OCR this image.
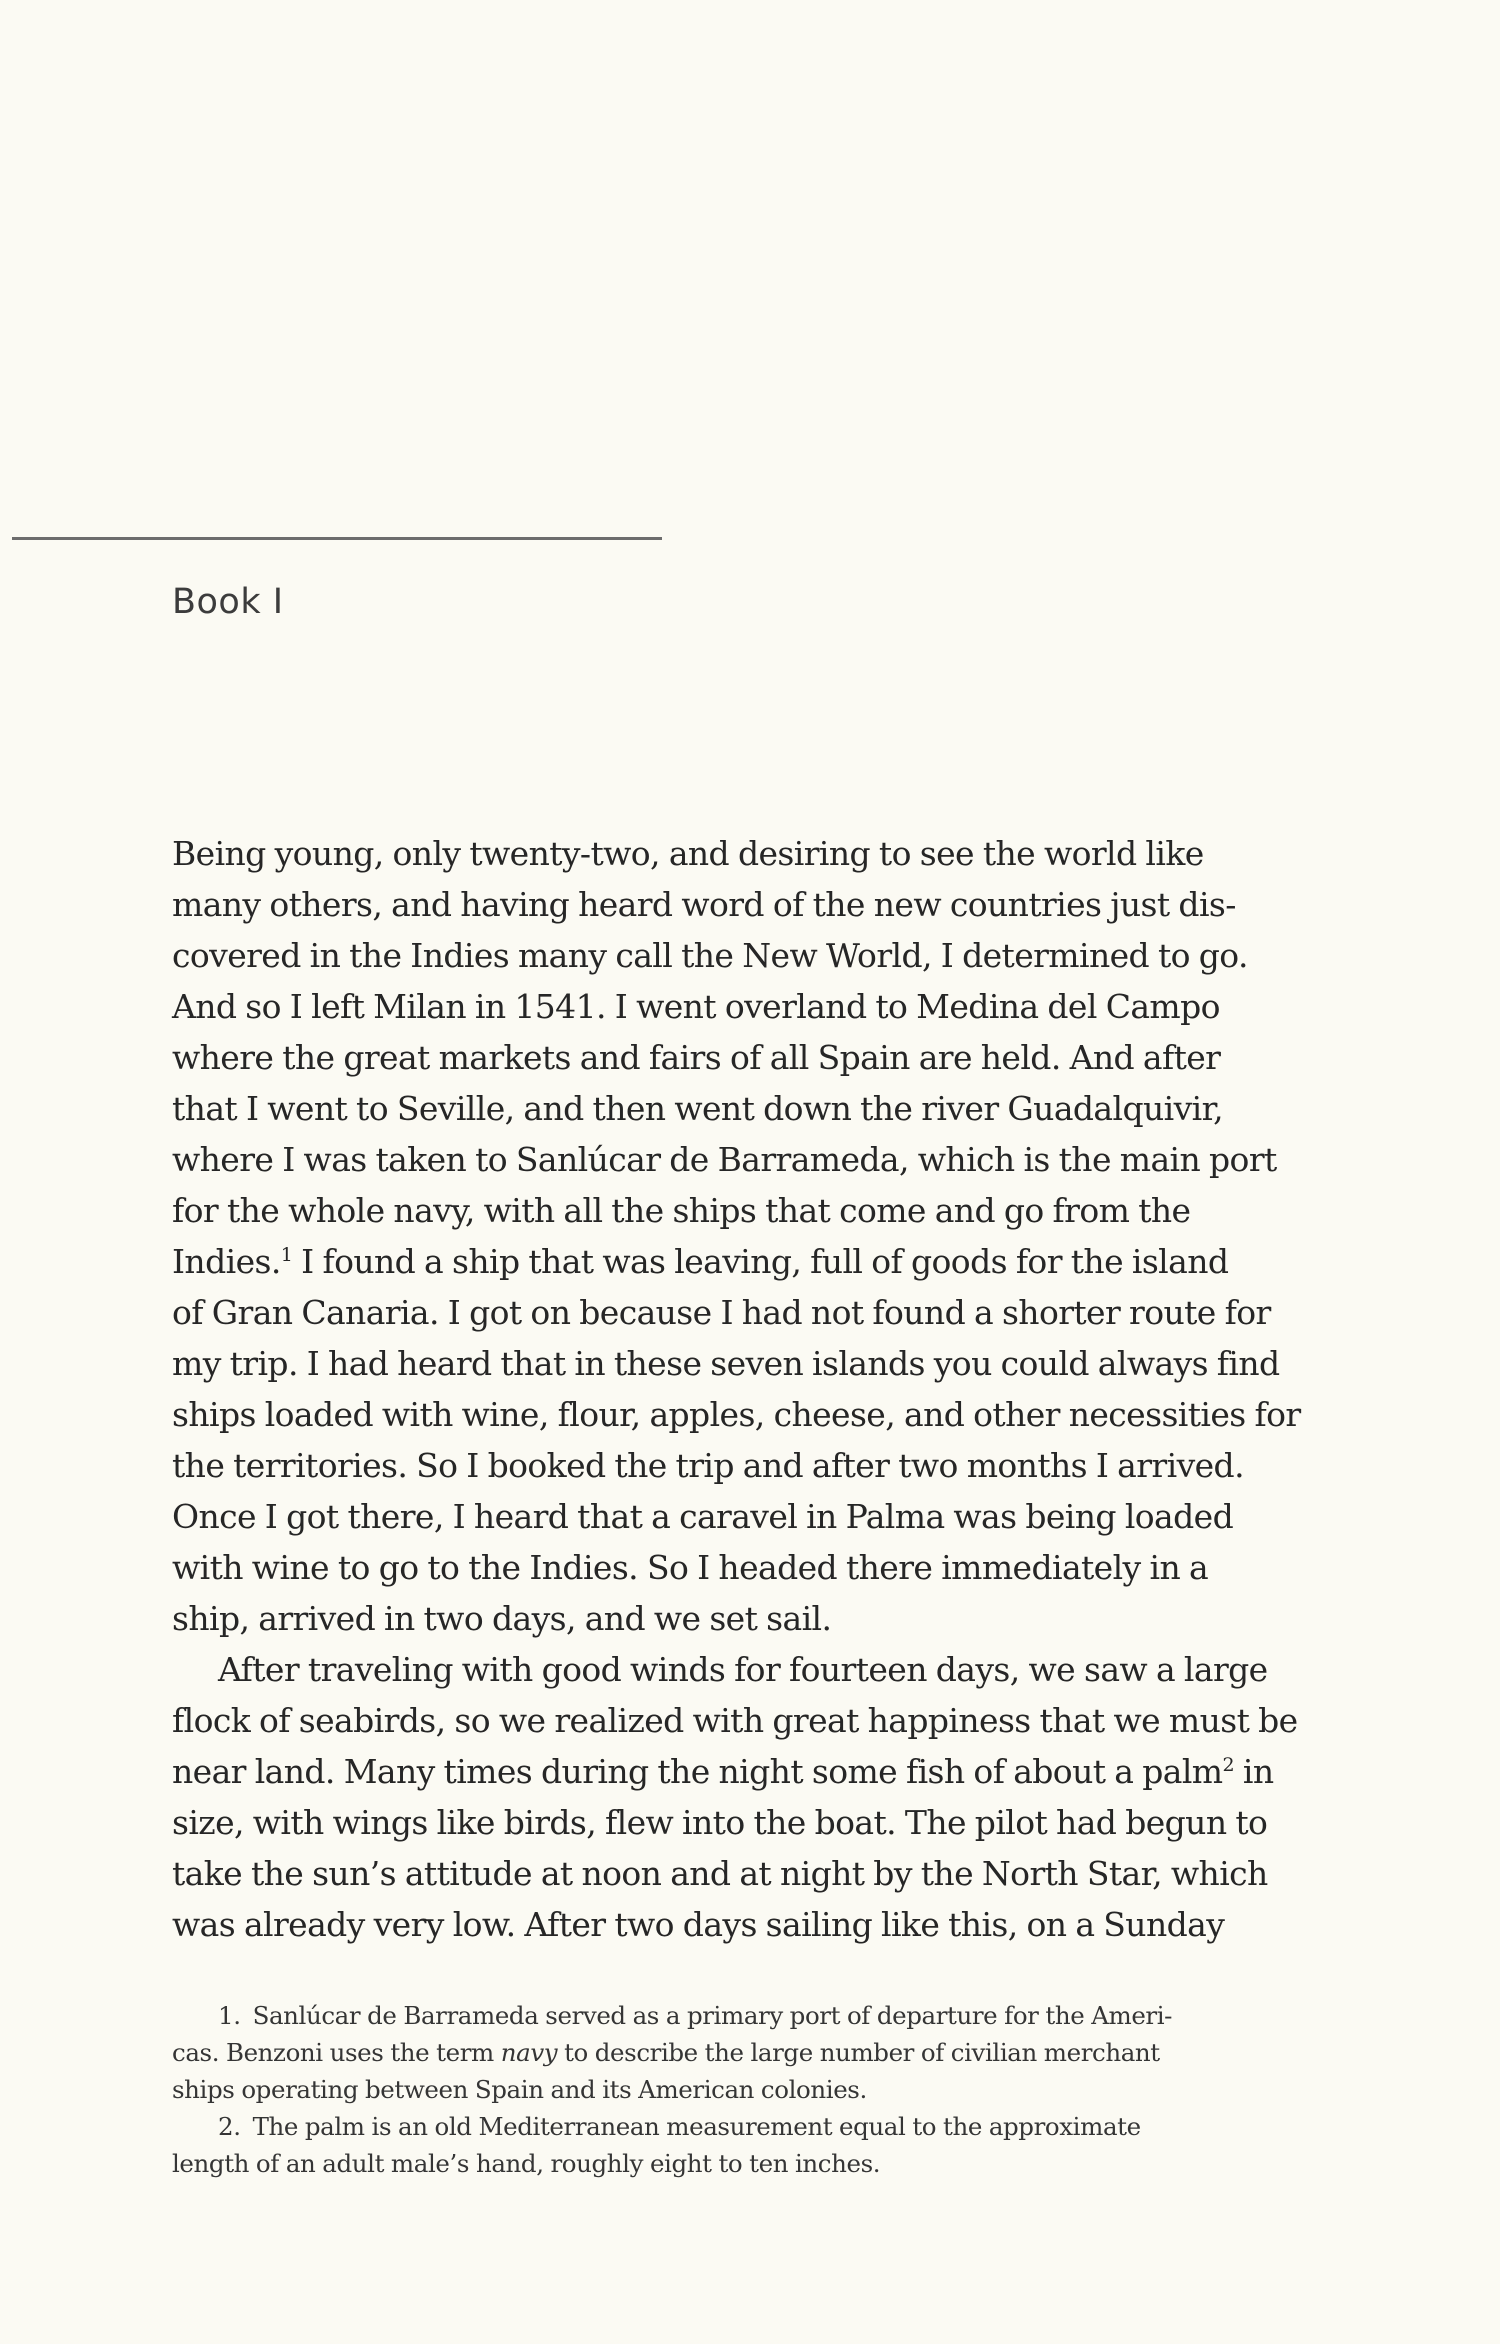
Book I
Being young, only twenty-two, and desiring to see the world like
many others, and having heard word of the new countries just dis-
covered in the Indies many call the New World, I determined to go.
And so I left Milan in 1541. I went overland to Medina del Campo
where the great markets and fairs of all Spain are held. And after
that I went to Seville, and then went down the river Guadalquivir,
where I was taken to Sanlúcar de Barrameda, which is the main port
for the whole navy, with all the ships that come and go from the
Indies.$^1$ I found a ship that was leaving, full of goods for the island
of Gran Canaria. I got on because I had not found a shorter route for
my trip. I had heard that in these seven islands you could always find
ships loaded with wine, flour, apples, cheese, and other necessities for
the territories. So I booked the trip and after two months I arrived.
Once I got there, I heard that a caravel in Palma was being loaded
with wine to go to the Indies. So I headed there immediately in a
ship, arrived in two days, and we set sail.
After traveling with good winds for fourteen days, we saw a large
flock of seabirds, so we realized with great happiness that we must be
near land. Many times during the night some fish of about a palm$^2$ in
size, with wings like birds, flew into the boat. The pilot had begun to
take the sun’s attitude at noon and at night by the North Star, which
was already very low. After two days sailing like this, on a Sunday
1. Sanlúcar de Barrameda served as a primary port of departure for the Ameri-
cas. Benzoni uses the term navy to describe the large number of civilian merchant
ships operating between Spain and its American colonies.
2. The palm is an old Mediterranean measurement equal to the approximate
length of an adult male’s hand, roughly eight to ten inches.
